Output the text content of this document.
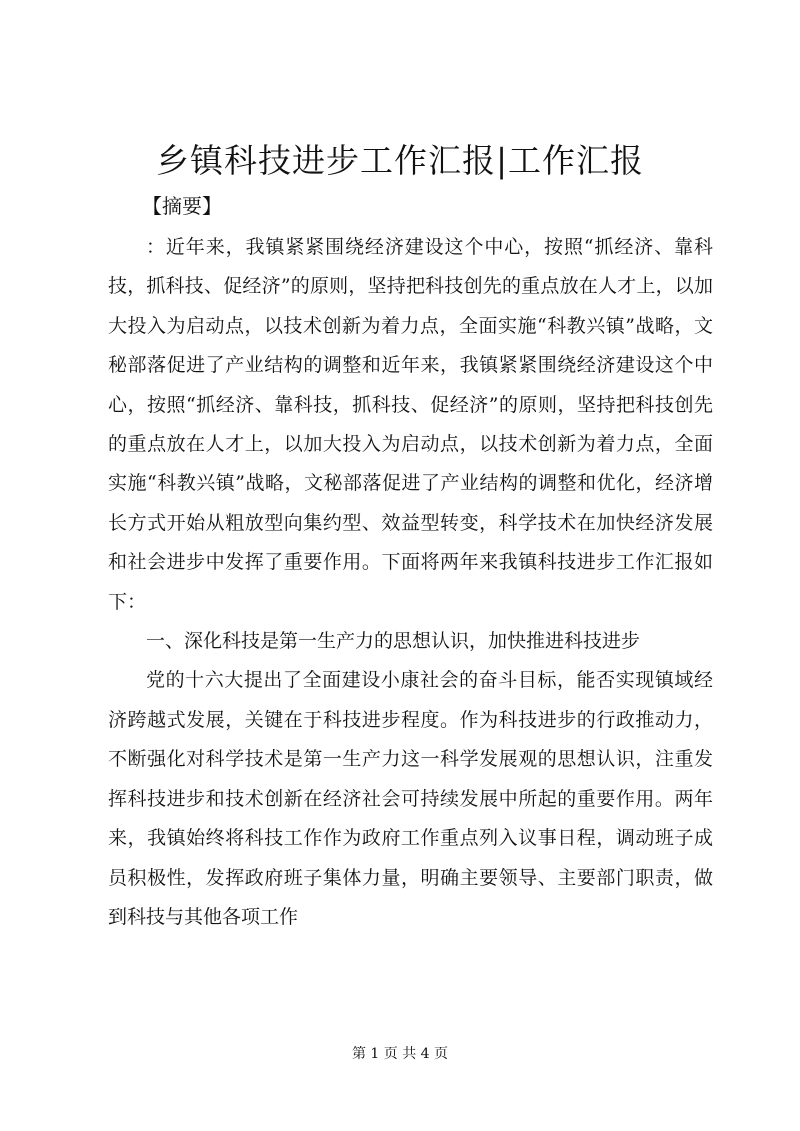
乡镇科技进步工作汇报|工作汇报
【摘要】

：近年来，我镇紧紧围绕经济建设这个中心，按照“抓经济、靠科技，抓科技、促经济”的原则，坚持把科技创先的重点放在人才上，以加大投入为启动点，以技术创新为着力点，全面实施“科教兴镇”战略，文秘部落促进了产业结构的调整和近年来，我镇紧紧围绕经济建设这个中心，按照“抓经济、靠科技，抓科技、促经济”的原则，坚持把科技创先的重点放在人才上，以加大投入为启动点，以技术创新为着力点，全面实施“科教兴镇”战略，文秘部落促进了产业结构的调整和优化，经济增长方式开始从粗放型向集约型、效益型转变，科学技术在加快经济发展和社会进步中发挥了重要作用。下面将两年来我镇科技进步工作汇报如下：

一、深化科技是第一生产力的思想认识，加快推进科技进步

党的十六大提出了全面建设小康社会的奋斗目标，能否实现镇域经济跨越式发展，关键在于科技进步程度。作为科技进步的行政推动力，不断强化对科学技术是第一生产力这一科学发展观的思想认识，注重发挥科技进步和技术创新在经济社会可持续发展中所起的重要作用。两年来，我镇始终将科技工作作为政府工作重点列入议事日程，调动班子成员积极性，发挥政府班子集体力量，明确主要领导、主要部门职责，做到科技与其他各项工作

第 1 页 共 4 页
